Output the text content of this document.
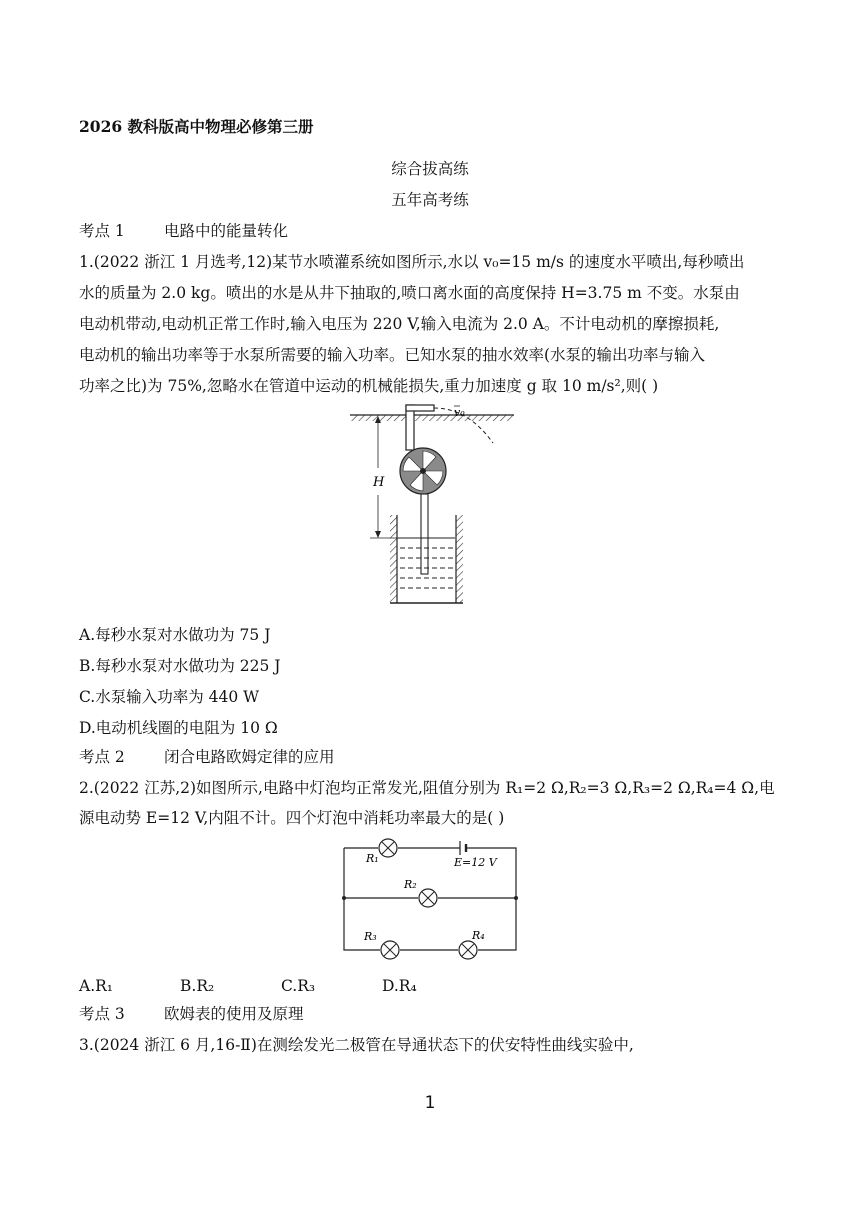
2026 教科版高中物理必修第三册
综合拔高练
五年高考练
考点 1	电路中的能量转化
1.(2022 浙江 1 月选考,12)某节水喷灌系统如图所示,水以 v₀=15 m/s 的速度水平喷出,每秒喷出
水的质量为 2.0 kg。喷出的水是从井下抽取的,喷口离水面的高度保持 H=3.75 m 不变。水泵由
电动机带动,电动机正常工作时,输入电压为 220 V,输入电流为 2.0 A。不计电动机的摩擦损耗,
电动机的输出功率等于水泵所需要的输入功率。已知水泵的抽水效率(水泵的输出功率与输入
功率之比)为 75%,忽略水在管道中运动的机械能损失,重力加速度 g 取 10 m/s²,则( )
v₀
H
A.每秒水泵对水做功为 75 J
B.每秒水泵对水做功为 225 J
C.水泵输入功率为 440 W
D.电动机线圈的电阻为 10 Ω
考点 2	闭合电路欧姆定律的应用
2.(2022 江苏,2)如图所示,电路中灯泡均正常发光,阻值分别为 R₁=2 Ω,R₂=3 Ω,R₃=2 Ω,R₄=4 Ω,电
源电动势 E=12 V,内阻不计。四个灯泡中消耗功率最大的是( )
R₁
R₂
R₃	R₄
E=12 V
A.R₁	B.R₂	C.R₃	D.R₄
考点 3	欧姆表的使用及原理
3.(2024 浙江 6 月,16-Ⅱ)在测绘发光二极管在导通状态下的伏安特性曲线实验中,
1
